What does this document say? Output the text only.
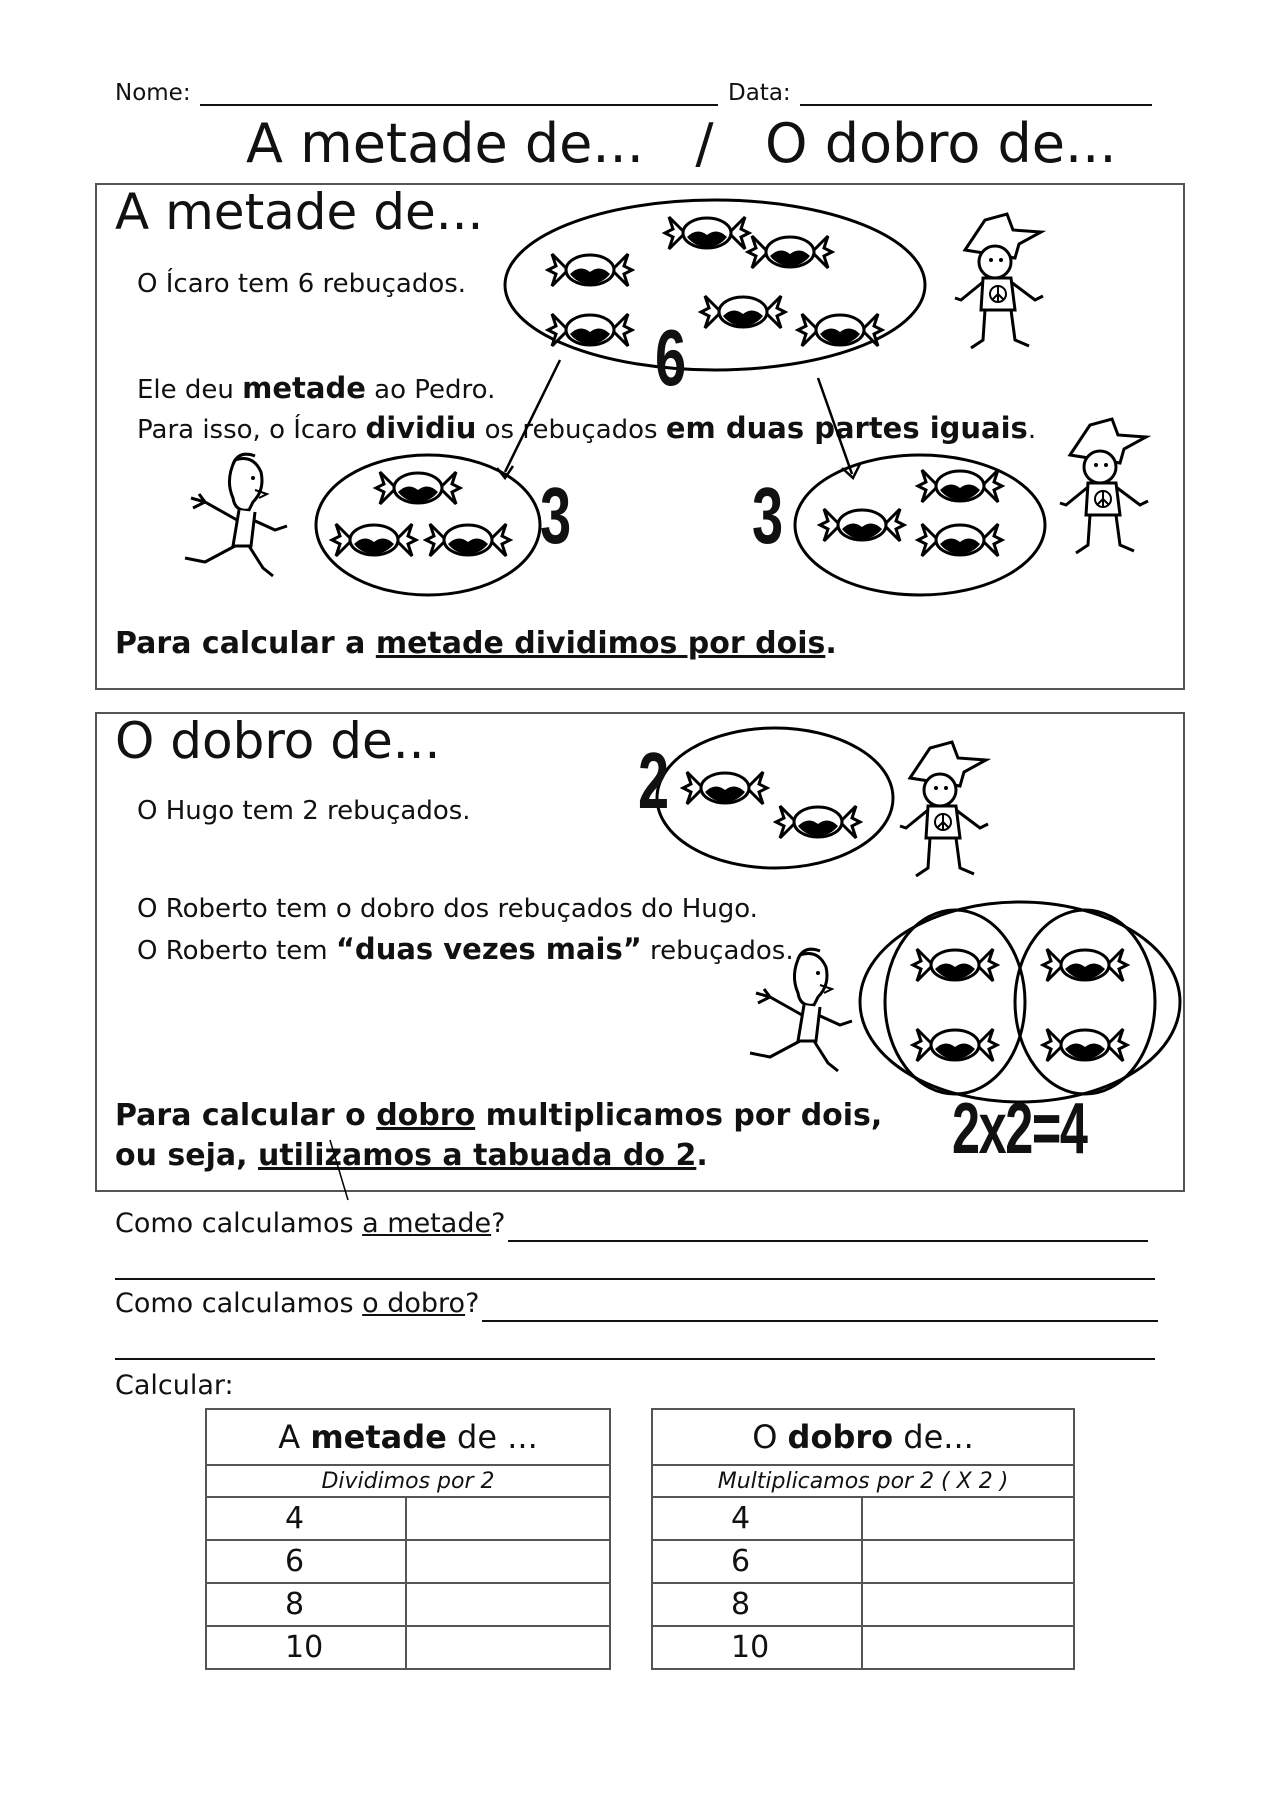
Nome:	Data:
A metade de...   /   O dobro de...
A metade de...
O Ícaro tem 6 rebuçados.
Ele deu metade ao Pedro.
Para isso, o Ícaro dividiu os rebuçados em duas partes iguais.
Para calcular a metade dividimos por dois.
6
3 3
O dobro de...
O Hugo tem 2 rebuçados.
O Roberto tem o dobro dos rebuçados do Hugo.
O Roberto tem “duas vezes mais” rebuçados.
Para calcular o dobro multiplicamos por dois,
ou seja, utilizamos a tabuada do 2.
2
2x2=4
Como calculamos a metade?
Como calculamos o dobro?
Calcular:
A metade de ...	
Dividimos por 2	
4	
6	
8	
10	
O dobro de...	
Multiplicamos por 2 ( X 2 )	
4	
6	
8	
10	
